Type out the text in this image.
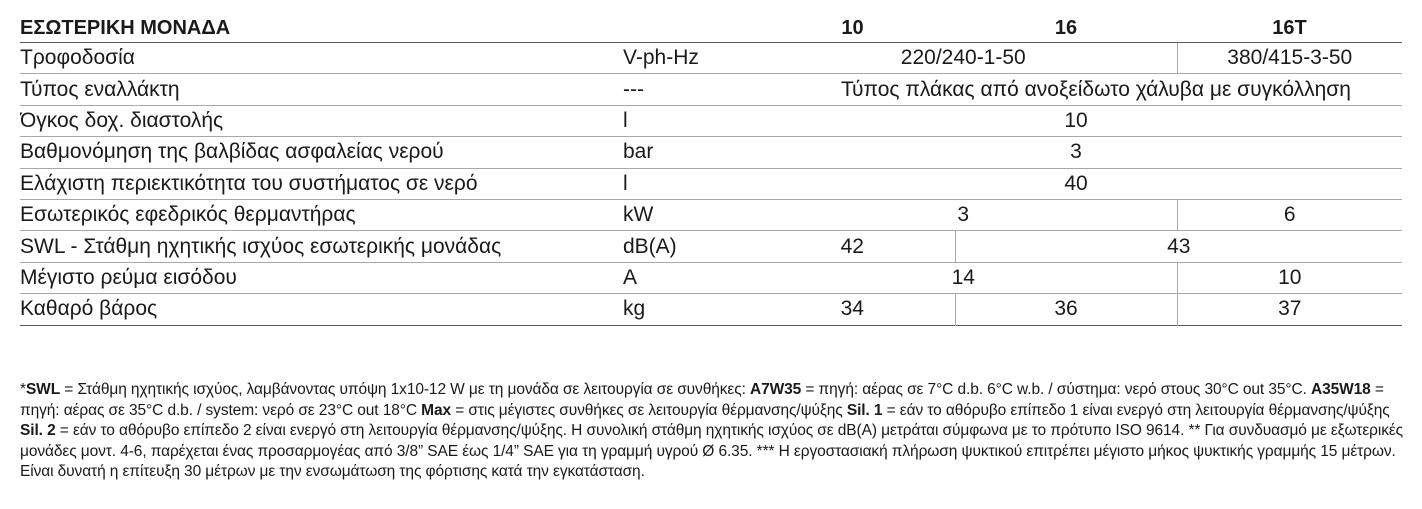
ΕΣΩΤΕΡΙΚΗ ΜΟΝΑΔΑ		10	16	16T
Τροφοδοσία	V-ph-Hz	220/240-1-50		380/415-3-50
Τύπος εναλλάκτη	---	Τύπος πλάκας από ανοξείδωτο χάλυβα με συγκόλληση		
Όγκος δοχ. διαστολής	l	10		
Βαθμονόμηση της βαλβίδας ασφαλείας νερού	bar	3		
Ελάχιστη περιεκτικότητα του συστήματος σε νερό	l	40		
Εσωτερικός εφεδρικός θερμαντήρας	kW	3		6
SWL - Στάθμη ηχητικής ισχύος εσωτερικής μονάδας	dB(A)	42	43	
Μέγιστο ρεύμα εισόδου	A	14		10
Καθαρό βάρος	kg	34	36	37
*SWL = Στάθμη ηχητικής ισχύος, λαμβάνοντας υπόψη 1x10-12 W με τη μονάδα σε λειτουργία σε συνθήκες: A7W35 = πηγή: αέρας σε 7°C d.b. 6°C w.b. / σύστημα: νερό στους 30°C out 35°C. A35W18 = πηγή: αέρας σε 35°C d.b. / system: νερό σε 23°C out 18°C Max = στις μέγιστες συνθήκες σε λειτουργία θέρμανσης/ψύξης Sil. 1 = εάν το αθόρυβο επίπεδο 1 είναι ενεργό στη λειτουργία θέρμανσης/ψύξης Sil. 2 = εάν το αθόρυβο επίπεδο 2 είναι ενεργό στη λειτουργία θέρμανσης/ψύξης. Η συνολική στάθμη ηχητικής ισχύος σε dB(A) μετράται σύμφωνα με το πρότυπο ISO 9614. ** Για συνδυασμό με εξωτερικές μονάδες μοντ. 4-6, παρέχεται ένας προσαρμογέας από 3/8” SAE έως 1/4” SAE για τη γραμμή υγρού Ø 6.35. *** Η εργοστασιακή πλήρωση ψυκτικού επιτρέπει μέγιστο μήκος ψυκτικής γραμμής 15 μέτρων. Είναι δυνατή η επίτευξη 30 μέτρων με την ενσωμάτωση της φόρτισης κατά την εγκατάσταση.
